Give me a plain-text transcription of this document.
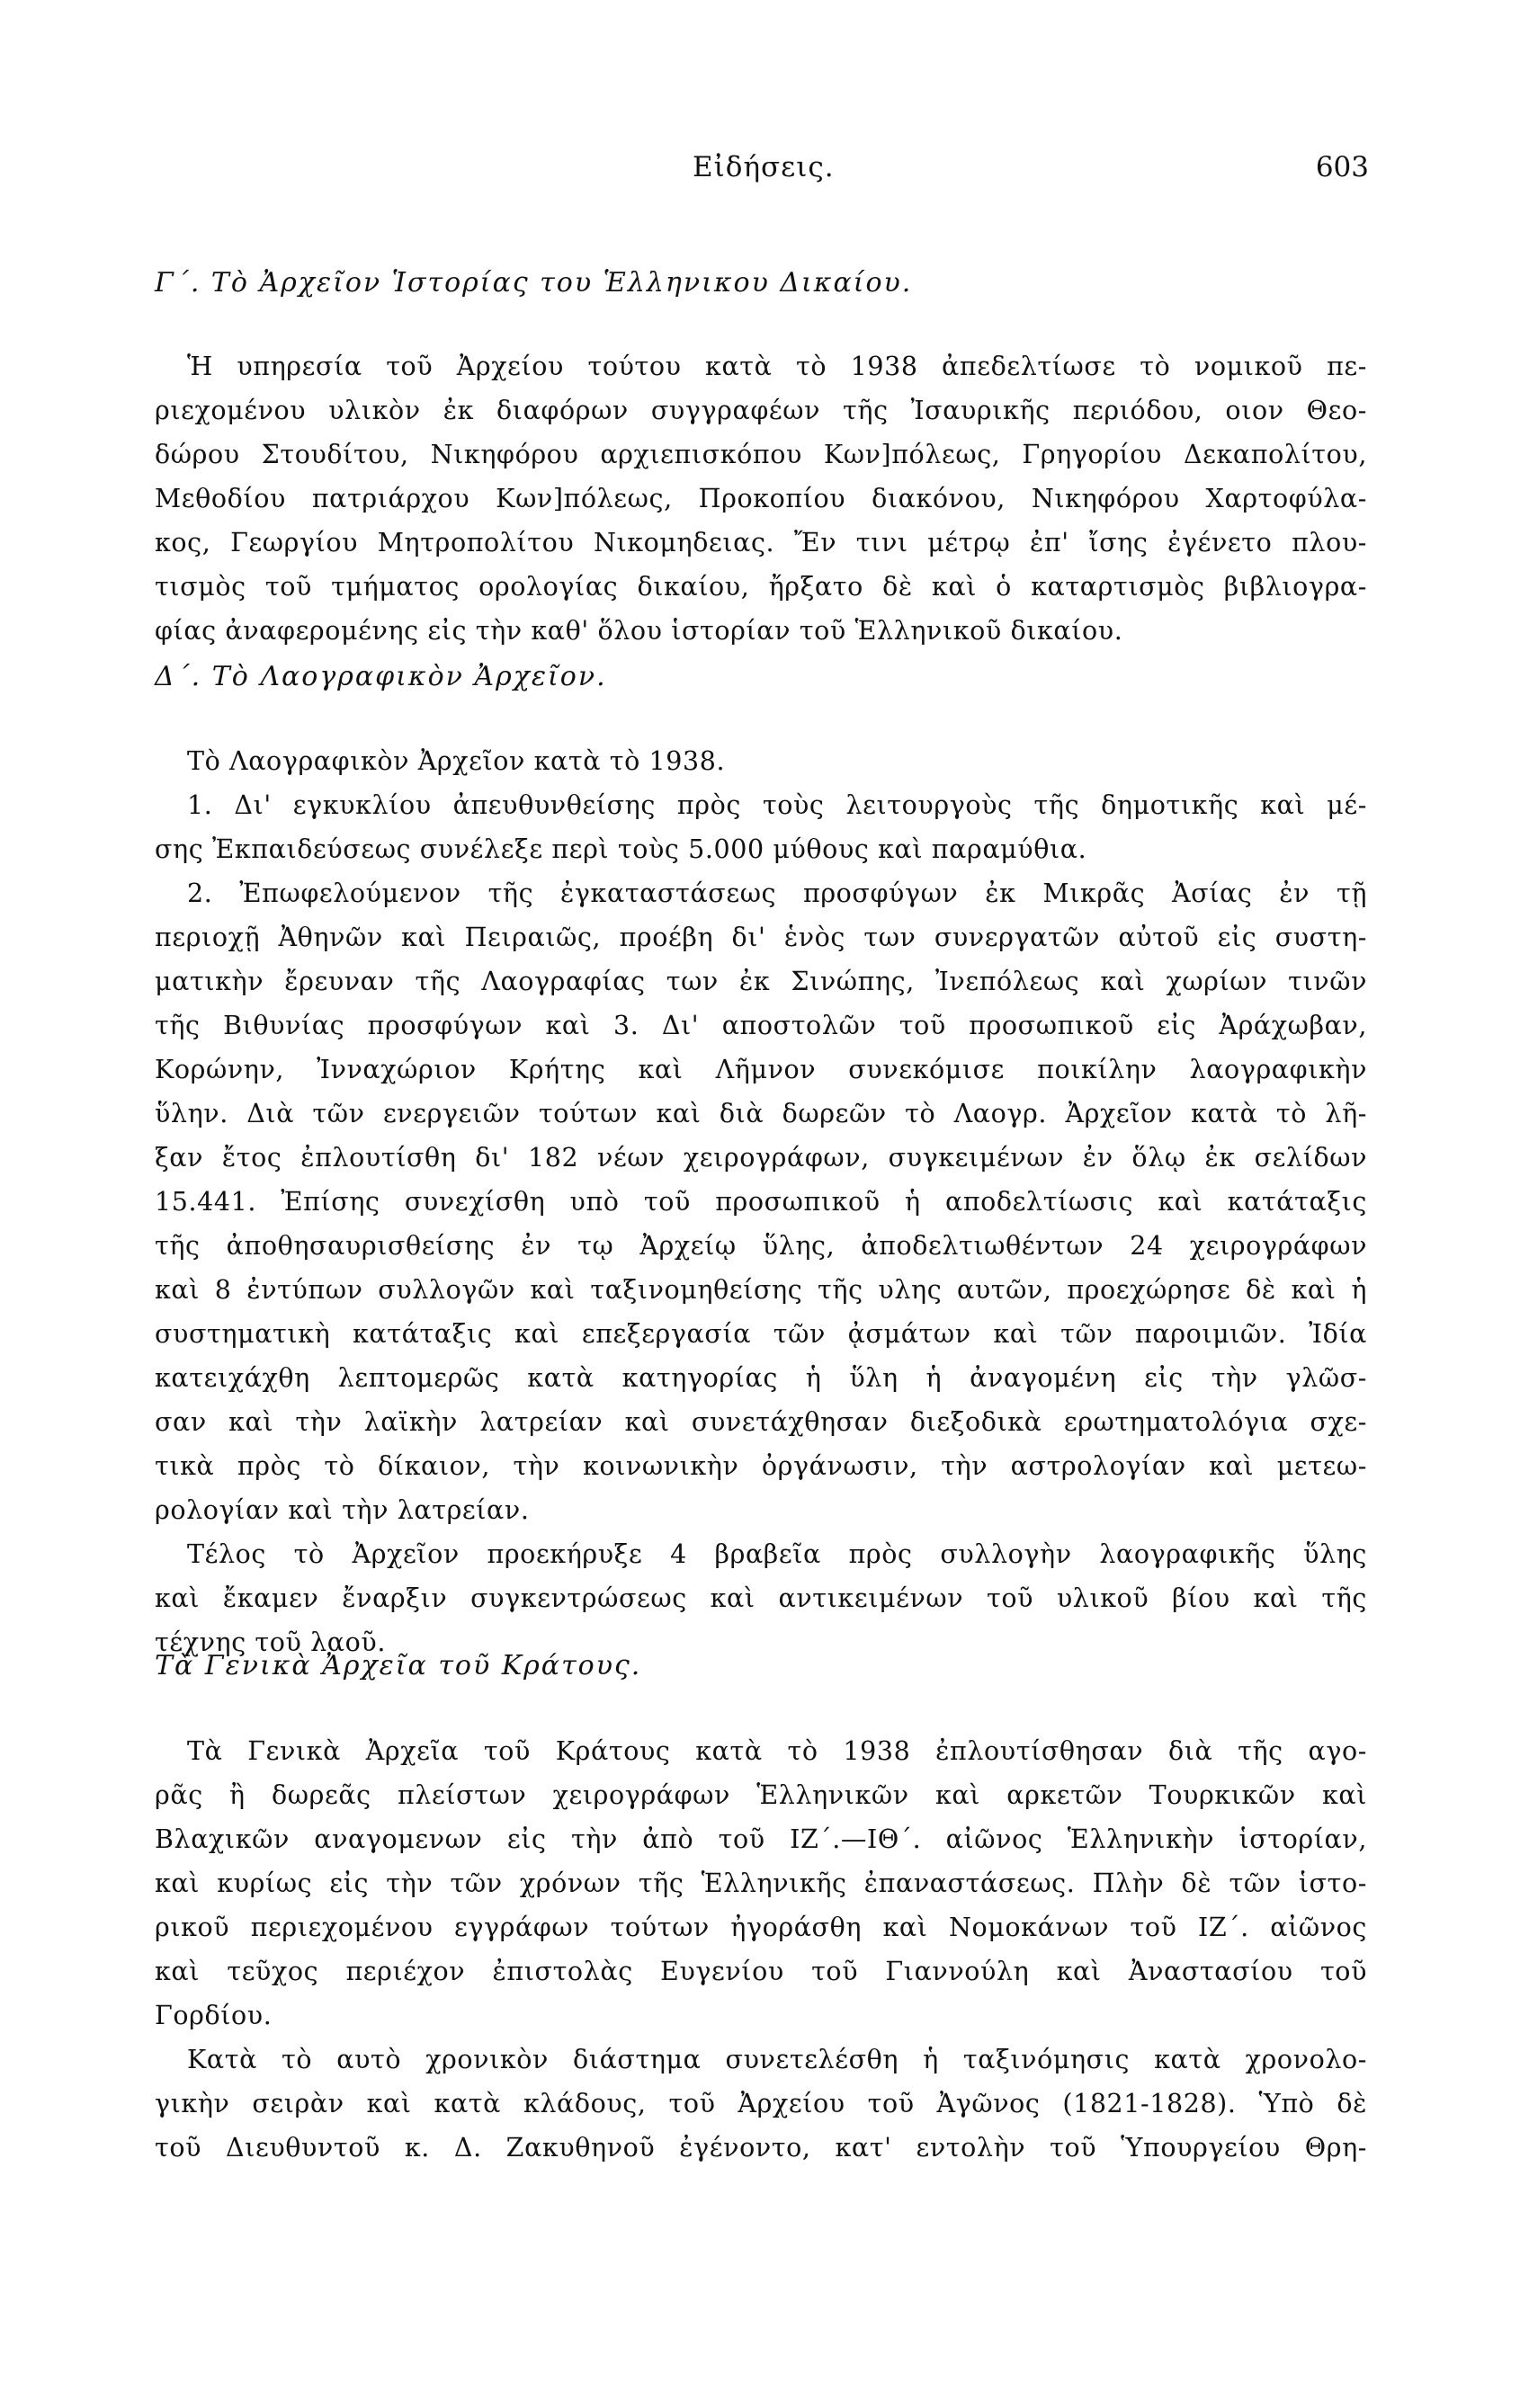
Εἰδήσεις.	603
Γ΄. Τὸ Ἀρχεῖον Ἱστορίας του Ἑλληνικου Δικαίου.
Ἡ υπηρεσία τοῦ Ἀρχείου τούτου κατὰ τὸ 1938 ἀπεδελτίωσε τὸ νομικοῦ πε-
ριεχομένου υλικὸν ἐκ διαφόρων συγγραφέων τῆς Ἰσαυρικῆς περιόδου, οιον Θεο-
δώρου Στουδίτου, Νικηφόρου αρχιεπισκόπου Κων]πόλεως, Γρηγορίου Δεκαπολίτου,
Μεθοδίου πατριάρχου Κων]πόλεως, Προκοπίου διακόνου, Νικηφόρου Χαρτοφύλα-
κος, Γεωργίου Μητροπολίτου Νικομηδειας. Ἔν τινι μέτρῳ ἐπ' ἴσης ἐγένετο πλου-
τισμὸς τοῦ τμήματος ορολογίας δικαίου, ἤρξατο δὲ καὶ ὁ καταρτισμὸς βιβλιογρα-
φίας ἀναφερομένης εἰς τὴν καθ' ὅλου ἱστορίαν τοῦ Ἑλληνικοῦ δικαίου.
Δ΄. Τὸ Λαογραφικὸν Ἀρχεῖον.
Τὸ Λαογραφικὸν Ἀρχεῖον κατὰ τὸ 1938.
1. Δι' εγκυκλίου ἀπευθυνθείσης πρὸς τοὺς λειτουργοὺς τῆς δημοτικῆς καὶ μέ-
σης Ἐκπαιδεύσεως συνέλεξε περὶ τοὺς 5.000 μύθους καὶ παραμύθια.
2. Ἐπωφελούμενον τῆς ἐγκαταστάσεως προσφύγων ἐκ Μικρᾶς Ἀσίας ἐν τῇ
περιοχῇ Ἀθηνῶν καὶ Πειραιῶς, προέβη δι' ἑνὸς των συνεργατῶν αὐτοῦ εἰς συστη-
ματικὴν ἔρευναν τῆς Λαογραφίας των ἐκ Σινώπης, Ἰνεπόλεως καὶ χωρίων τινῶν
τῆς Βιθυνίας προσφύγων καὶ 3. Δι' αποστολῶν τοῦ προσωπικοῦ εἰς Ἀράχωβαν,
Κορώνην, Ἰνναχώριον Κρήτης καὶ Λῆμνον συνεκόμισε ποικίλην λαογραφικὴν
ὕλην. Διὰ τῶν ενεργειῶν τούτων καὶ διὰ δωρεῶν τὸ Λαογρ. Ἀρχεῖον κατὰ τὸ λῆ-
ξαν ἔτος ἐπλουτίσθη δι' 182 νέων χειρογράφων, συγκειμένων ἐν ὅλῳ ἐκ σελίδων
15.441. Ἐπίσης συνεχίσθη υπὸ τοῦ προσωπικοῦ ἡ αποδελτίωσις καὶ κατάταξις
τῆς ἀποθησαυρισθείσης ἐν τῳ Ἀρχείῳ ὕλης, ἀποδελτιωθέντων 24 χειρογράφων
καὶ 8 ἐντύπων συλλογῶν καὶ ταξινομηθείσης τῆς υλης αυτῶν, προεχώρησε δὲ καὶ ἡ
συστηματικὴ κατάταξις καὶ επεξεργασία τῶν ᾀσμάτων καὶ τῶν παροιμιῶν. Ἰδία
κατειχάχθη λεπτομερῶς κατὰ κατηγορίας ἡ ὕλη ἡ ἀναγομένη εἰς τὴν γλῶσ-
σαν καὶ τὴν λαϊκὴν λατρείαν καὶ συνετάχθησαν διεξοδικὰ ερωτηματολόγια σχε-
τικὰ πρὸς τὸ δίκαιον, τὴν κοινωνικὴν ὀργάνωσιν, τὴν αστρολογίαν καὶ μετεω-
ρολογίαν καὶ τὴν λατρείαν.
Τέλος τὸ Ἀρχεῖον προεκήρυξε 4 βραβεῖα πρὸς συλλογὴν λαογραφικῆς ὕλης
καὶ ἔκαμεν ἔναρξιν συγκεντρώσεως καὶ αντικειμένων τοῦ υλικοῦ βίου καὶ τῆς
τέχνης τοῦ λαοῦ.
Τὰ Γενικὰ Ἀρχεῖα τοῦ Κράτους.
Τὰ Γενικὰ Ἀρχεῖα τοῦ Κράτους κατὰ τὸ 1938 ἐπλουτίσθησαν διὰ τῆς αγο-
ρᾶς ἢ δωρεᾶς πλείστων χειρογράφων Ἑλληνικῶν καὶ αρκετῶν Τουρκικῶν καὶ
Βλαχικῶν αναγομενων εἰς τὴν ἀπὸ τοῦ ΙΖ΄.—ΙΘ΄. αἰῶνος Ἑλληνικὴν ἱστορίαν,
καὶ κυρίως εἰς τὴν τῶν χρόνων τῆς Ἑλληνικῆς ἐπαναστάσεως. Πλὴν δὲ τῶν ἱστο-
ρικοῦ περιεχομένου εγγράφων τούτων ἠγοράσθη καὶ Νομοκάνων τοῦ ΙΖ΄. αἰῶνος
καὶ τεῦχος περιέχον ἐπιστολὰς Ευγενίου τοῦ Γιαννούλη καὶ Ἀναστασίου τοῦ
Γορδίου.
Κατὰ τὸ αυτὸ χρονικὸν διάστημα συνετελέσθη ἡ ταξινόμησις κατὰ χρονολο-
γικὴν σειρὰν καὶ κατὰ κλάδους, τοῦ Ἀρχείου τοῦ Ἀγῶνος (1821-1828). Ὑπὸ δὲ
τοῦ Διευθυντοῦ κ. Δ. Ζακυθηνοῦ ἐγένοντο, κατ' εντολὴν τοῦ Ὑπουργείου Θρη-
